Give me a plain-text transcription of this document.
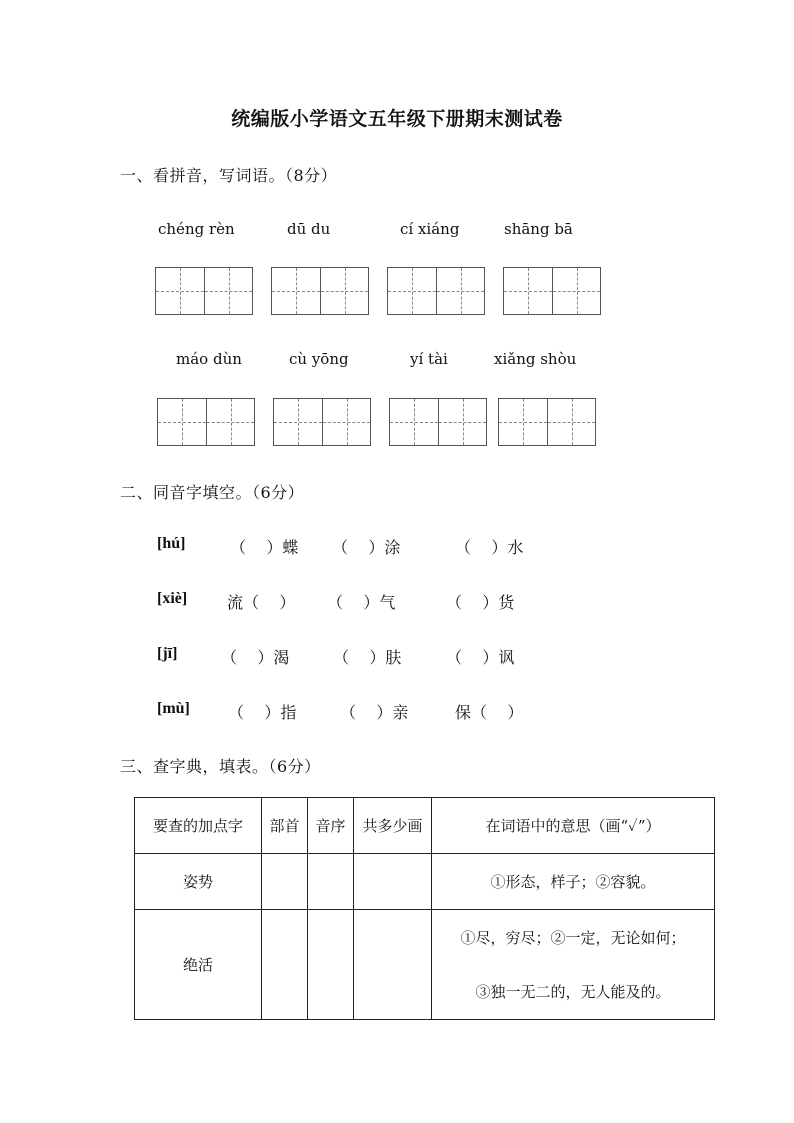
统编版小学语文五年级下册期末测试卷
一、看拼音，写词语。（8分）
chéng rèn	dū du	cí xiáng	shāng bā
máo dùn	cù yōng	yí tài	xiǎng shòu
二、同音字填空。（6分）
[hú]	（    ）蝶 （    ）涂	（    ）水
[xiè] 流（    ） （    ）气	（    ）货
[jī]	（    ）渴	（    ）肤	（    ）讽
[mù] （    ）指	（    ）亲	保（    ）
三、查字典，填表。（6分）
要查的加点字	部首	音序	共多少画	在词语中的意思（画“✓”）
姿势				①形态，样子；②容貌。
绝活				①尽，穷尽；②一定，无论如何；
③独一无二的，无人能及的。
